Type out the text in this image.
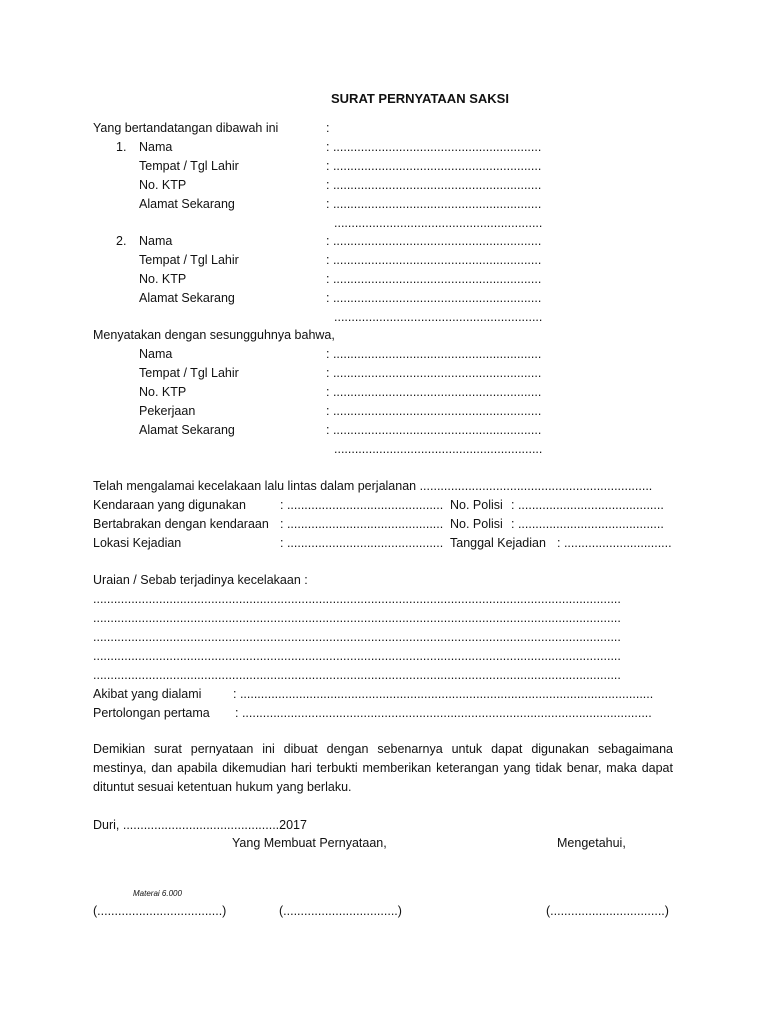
SURAT PERNYATAAN SAKSI
Yang bertandatangan dibawah ini	:
1. Nama	: ............................................................
Tempat / Tgl Lahir	: ............................................................
No. KTP	: ............................................................
Alamat Sekarang	: ............................................................
............................................................
2. Nama	: ............................................................
Tempat / Tgl Lahir	: ............................................................
No. KTP	: ............................................................
Alamat Sekarang	: ............................................................
............................................................
Menyatakan dengan sesungguhnya bahwa,
Nama	: ............................................................
Tempat / Tgl Lahir	: ............................................................
No. KTP	: ............................................................
Pekerjaan	: ............................................................
Alamat Sekarang	: ............................................................
............................................................
Telah mengalamai kecelakaan lalu lintas dalam perjalanan ...................................................................
Kendaraan yang digunakan	: ............................................. No. Polisi : ..........................................
Bertabrakan dengan kendaraan : ............................................. No. Polisi : ..........................................
Lokasi Kejadian	: ............................................. Tanggal Kejadian : ...............................
Uraian / Sebab terjadinya kecelakaan :
........................................................................................................................................................
........................................................................................................................................................
........................................................................................................................................................
........................................................................................................................................................
........................................................................................................................................................
Akibat yang dialami	: .......................................................................................................................
Pertolongan pertama : ......................................................................................................................
Demikian surat pernyataan ini dibuat dengan sebenarnya untuk dapat digunakan sebagaimana mestinya, dan apabila dikemudian hari terbukti memberikan keterangan yang tidak benar, maka dapat dituntut sesuai ketentuan hukum yang berlaku.
Duri, .............................................2017
Yang Membuat Pernyataan,	Mengetahui,
Materai 6.000
(....................................)	(.................................)	(.................................)
